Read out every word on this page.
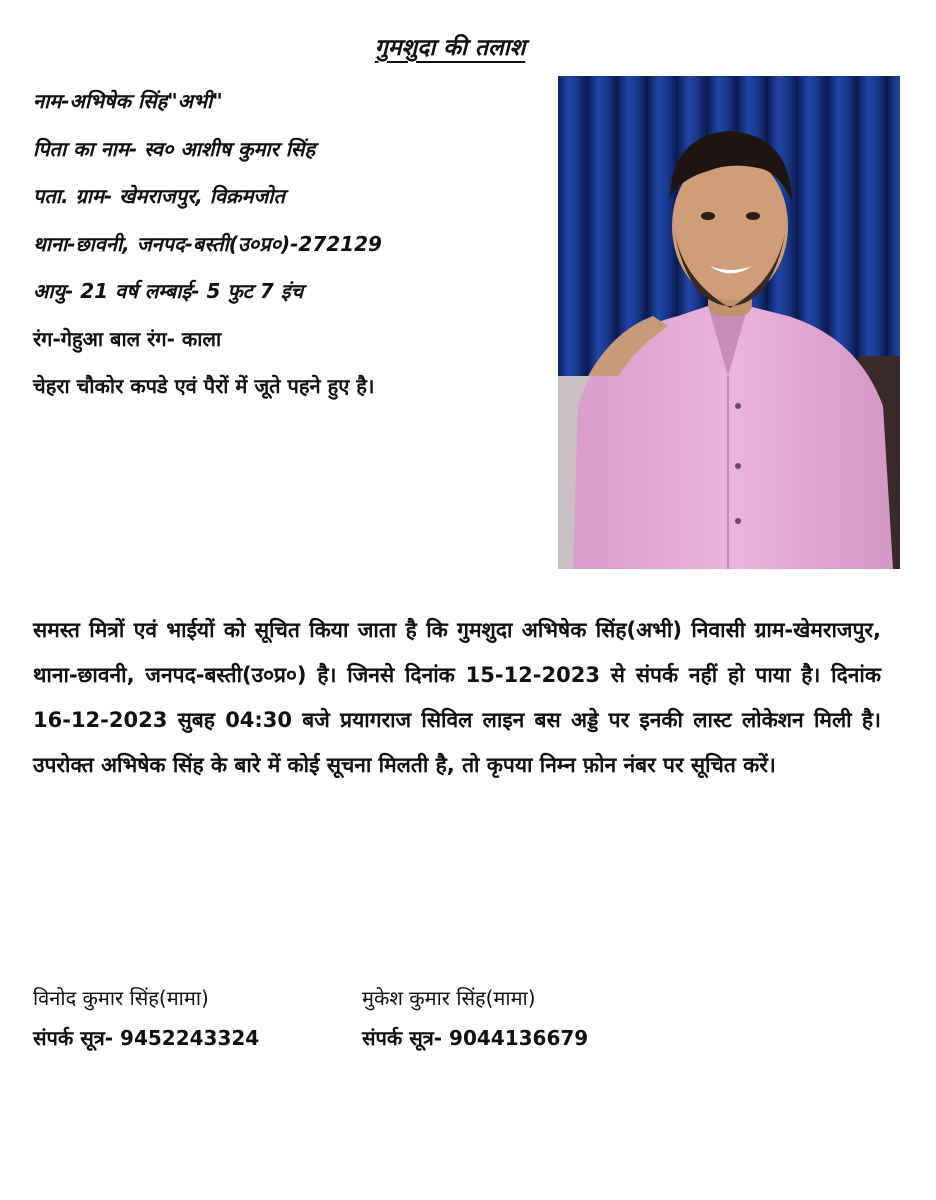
गुमशुदा की तलाश
नाम-अभिषेक सिंह"अभी"
पिता का नाम- स्व० आशीष कुमार सिंह
पता. ग्राम- खेमराजपुर, विक्रमजोत
थाना-छावनी, जनपद-बस्ती(उ०प्र०)-272129
आयु- 21 वर्ष लम्बाई- 5 फुट 7 इंच
रंग-गेहुआ बाल रंग- काला
चेहरा चौकोर कपडे एवं पैरों में जूते पहने हुए है।
समस्त मित्रों एवं भाईयों को सूचित किया जाता है कि गुमशुदा अभिषेक सिंह(अभी) निवासी ग्राम-खेमराजपुर, थाना-छावनी, जनपद-बस्ती(उ०प्र०) है। जिनसे दिनांक 15-12-2023 से संपर्क नहीं हो पाया है। दिनांक 16-12-2023 सुबह 04:30 बजे प्रयागराज सिविल लाइन बस अड्डे पर इनकी लास्ट लोकेशन मिली है। उपरोक्त अभिषेक सिंह के बारे में कोई सूचना मिलती है, तो कृपया निम्न फ़ोन नंबर पर सूचित करें।
विनोद कुमार सिंह(मामा)
संपर्क सूत्र- 9452243324
मुकेश कुमार सिंह(मामा)
संपर्क सूत्र- 9044136679
